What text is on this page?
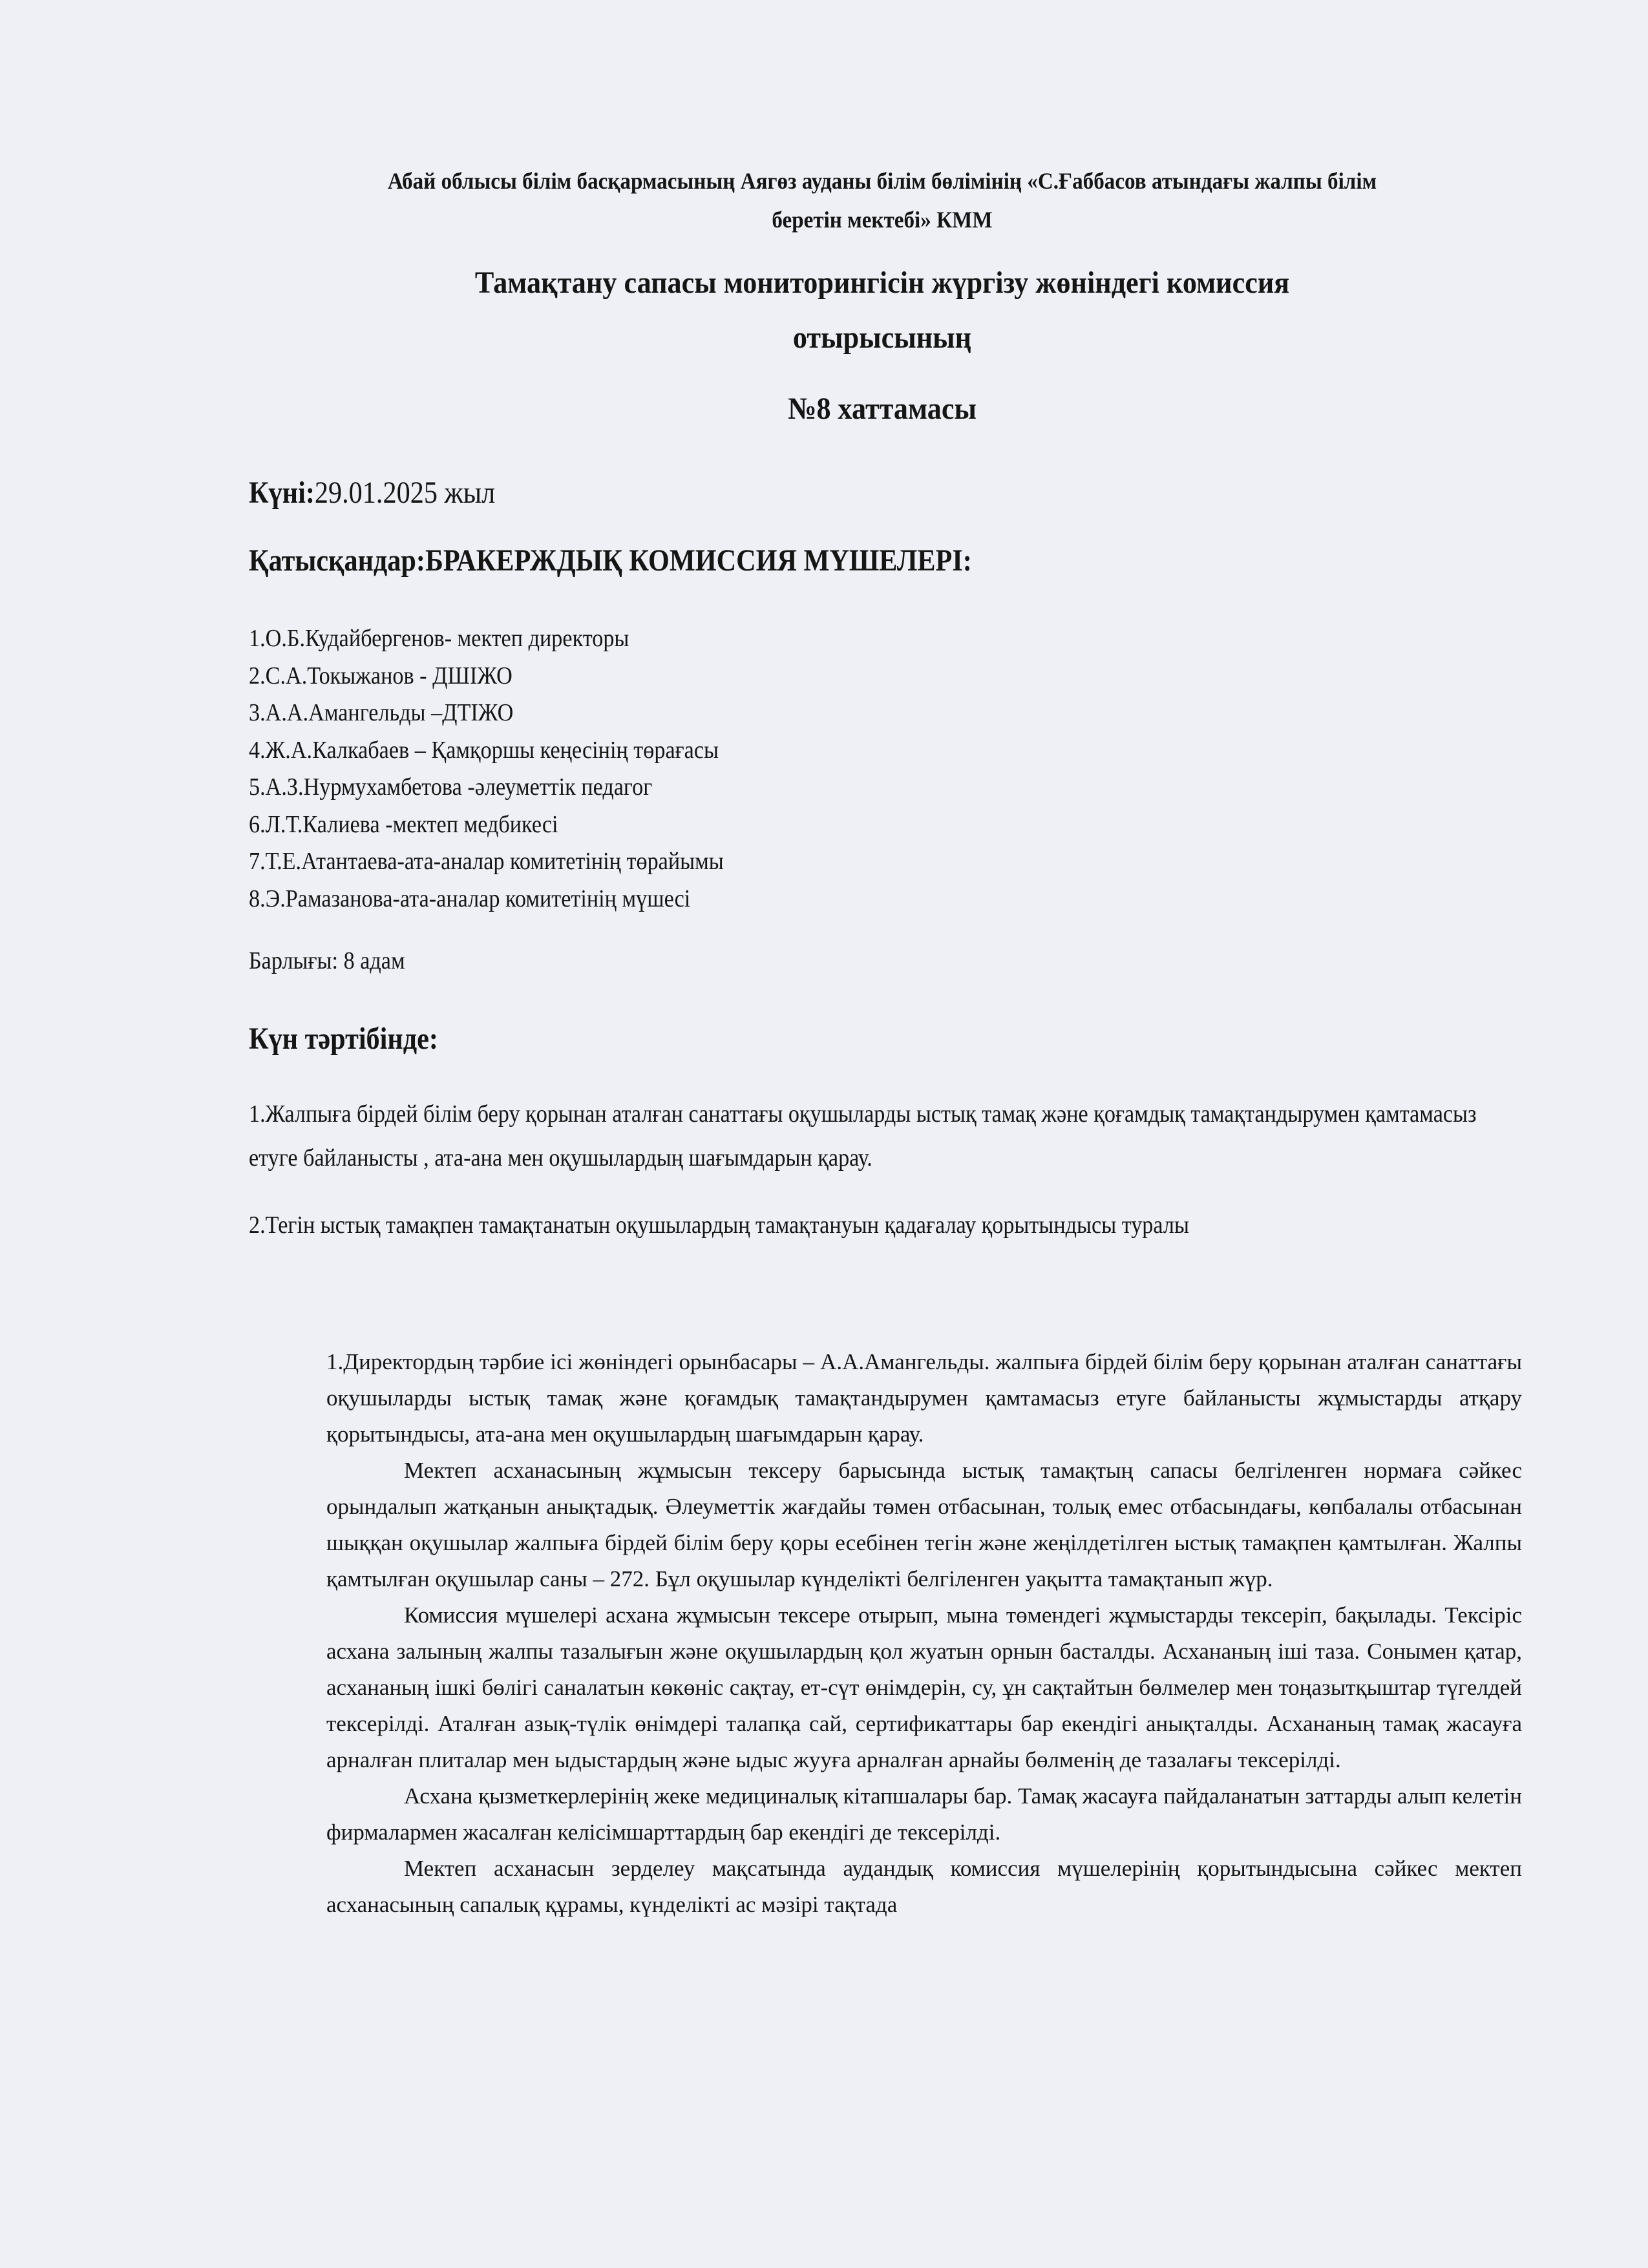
Абай облысы білім басқармасының Аягөз ауданы білім бөлімінің «С.Ғаббасов атындағы жалпы білім
беретін мектебі» КММ
Тамақтану сапасы мониторингісін жүргізу жөніндегі комиссия
отырысының
№8 хаттамасы
Күні:29.01.2025 жыл
Қатысқандар:БРАКЕРЖДЫҚ КОМИССИЯ МҮШЕЛЕРІ:
1.О.Б.Кудайбергенов- мектеп директоры
2.С.А.Токыжанов - ДШІЖО
3.А.А.Амангельды –ДТІЖО
4.Ж.А.Калкабаев – Қамқоршы кеңесінің төрағасы
5.А.З.Нурмухамбетова -әлеуметтік педагог
6.Л.Т.Калиева -мектеп медбикесі
7.Т.Е.Атантаева-ата-аналар комитетінің төрайымы
8.Э.Рамазанова-ата-аналар комитетінің мүшесі
Барлығы: 8 адам
Күн тәртібінде:

1.Жалпыға бірдей білім беру қорынан аталған санаттағы оқушыларды ыстық тамақ және қоғамдық тамақтандырумен қамтамасыз етуге байланысты , ата-ана мен оқушылардың шағымдарын қарау.

2.Тегін ыстық тамақпен тамақтанатын оқушылардың тамақтануын қадағалау қорытындысы туралы

1.Директордың тәрбие ісі жөніндегі орынбасары – А.А.Амангельды. жалпыға бірдей білім беру қорынан аталған санаттағы оқушыларды ыстық тамақ және қоғамдық тамақтандырумен қамтамасыз етуге байланысты жұмыстарды атқару қорытындысы, ата-ана мен оқушылардың шағымдарын қарау.

Мектеп асханасының жұмысын тексеру барысында ыстық тамақтың сапасы белгіленген нормаға сәйкес орындалып жатқанын анықтадық. Әлеуметтік жағдайы төмен отбасынан, толық емес отбасындағы, көпбалалы отбасынан шыққан оқушылар жалпыға бірдей білім беру қоры есебінен тегін және жеңілдетілген ыстық тамақпен қамтылған. Жалпы қамтылған оқушылар саны – 272. Бұл оқушылар күнделікті белгіленген уақытта тамақтанып жүр.

Комиссия мүшелері асхана жұмысын тексере отырып, мына төмендегі жұмыстарды тексеріп, бақылады. Тексіріс асхана залының жалпы тазалығын және оқушылардың қол жуатын орнын басталды. Асхананың іші таза. Сонымен қатар, асхананың ішкі бөлігі саналатын көкөніс сақтау, ет-сүт өнімдерін, су, ұн сақтайтын бөлмелер мен тоңазытқыштар түгелдей тексерілді. Аталған азық-түлік өнімдері талапқа сай, сертификаттары бар екендігі анықталды. Асхананың тамақ жасауға арналған плиталар мен ыдыстардың және ыдыс жууға арналған арнайы бөлменің де тазалағы тексерілді.

Асхана қызметкерлерінің жеке медициналық кітапшалары бар. Тамақ жасауға пайдаланатын заттарды алып келетін фирмалармен жасалған келісімшарттардың бар екендігі де тексерілді.

Мектеп асханасын зерделеу мақсатында аудандық комиссия мүшелерінің қорытындысына сәйкес мектеп асханасының сапалық құрамы, күнделікті ас мәзірі тақтада
